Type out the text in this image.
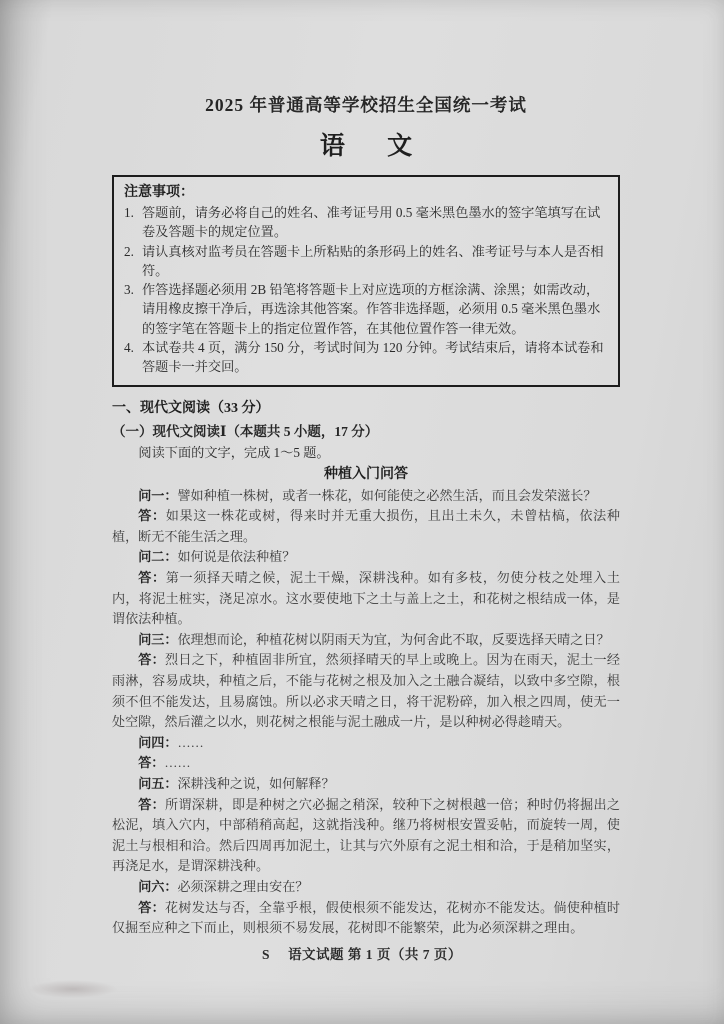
2025 年普通高等学校招生全国统一考试
语 文
注意事项：
1. 答题前，请务必将自己的姓名、准考证号用 0.5 毫米黑色墨水的签字笔填写在试卷及答题卡的规定位置。
2. 请认真核对监考员在答题卡上所粘贴的条形码上的姓名、准考证号与本人是否相符。
3. 作答选择题必须用 2B 铅笔将答题卡上对应选项的方框涂满、涂黑；如需改动，请用橡皮擦干净后，再选涂其他答案。作答非选择题，必须用 0.5 毫米黑色墨水的签字笔在答题卡上的指定位置作答，在其他位置作答一律无效。
4. 本试卷共 4 页，满分 150 分，考试时间为 120 分钟。考试结束后，请将本试卷和答题卡一并交回。
一、现代文阅读（33 分）
（一）现代文阅读Ⅰ（本题共 5 小题，17 分）
阅读下面的文字，完成 1～5 题。
种植入门问答

问一：譬如种植一株树，或者一株花，如何能使之必然生活，而且会发荣滋长？

答：如果这一株花或树，得来时并无重大损伤，且出土未久，未曾枯槁，依法种植，断无不能生活之理。

问二：如何说是依法种植？

答：第一须择天晴之候，泥土干燥，深耕浅种。如有多枝，勿使分枝之处埋入土内，将泥土桩实，浇足凉水。这水要使地下之土与盖上之土，和花树之根结成一体，是谓依法种植。

问三：依理想而论，种植花树以阴雨天为宜，为何舍此不取，反要选择天晴之日？

答：烈日之下，种植固非所宜，然须择晴天的早上或晚上。因为在雨天，泥土一经雨淋，容易成块，种植之后，不能与花树之根及加入之土融合凝结，以致中多空隙，根须不但不能发达，且易腐蚀。所以必求天晴之日，将干泥粉碎，加入根之四周，使无一处空隙，然后灌之以水，则花树之根能与泥土融成一片，是以种树必得趁晴天。

问四：……

答：……

问五：深耕浅种之说，如何解释？

答：所谓深耕，即是种树之穴必掘之稍深，较种下之树根越一倍；种时仍将掘出之松泥，填入穴内，中部稍稍高起，这就指浅种。继乃将树根安置妥帖，而旋转一周，使泥土与根相和洽。然后四周再加泥土，让其与穴外原有之泥土相和洽，于是稍加坚实，再浇足水，是谓深耕浅种。

问六：必须深耕之理由安在？

答：花树发达与否，全靠乎根，假使根须不能发达，花树亦不能发达。倘使种植时仅掘至应种之下而止，则根须不易发展，花树即不能繁荣，此为必须深耕之理由。

S 语文试题 第 1 页（共 7 页）
